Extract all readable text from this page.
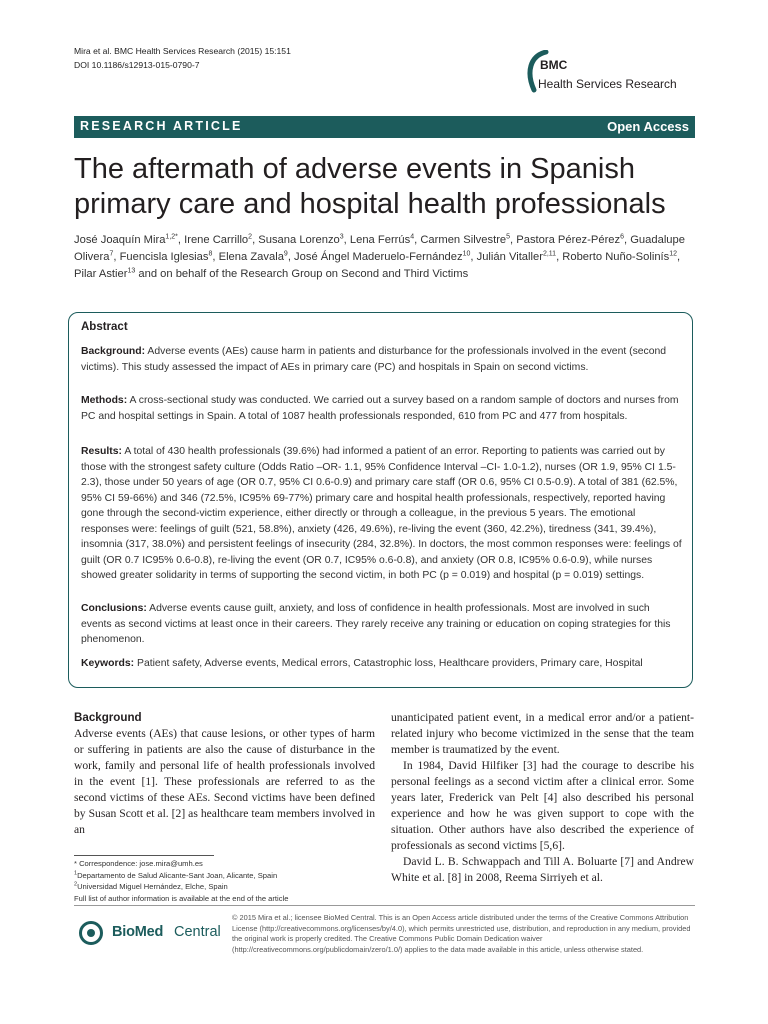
Mira et al. BMC Health Services Research (2015) 15:151
DOI 10.1186/s12913-015-0790-7	BMC
Health Services Research
RESEARCH ARTICLE	Open Access
The aftermath of adverse events in Spanish primary care and hospital health professionals
José Joaquín Mira$^{1,2*}$, Irene Carrillo$^2$, Susana Lorenzo$^3$, Lena Ferrús$^4$, Carmen Silvestre$^5$, Pastora Pérez-Pérez$^6$, Guadalupe Olivera$^7$, Fuencisla Iglesias$^8$, Elena Zavala$^9$, José Ángel Maderuelo-Fernández$^{10}$, Julián Vitaller$^{2,11}$, Roberto Nuño-Solinís$^{12}$, Pilar Astier$^{13}$ and on behalf of the Research Group on Second and Third Victims
Abstract
Background: Adverse events (AEs) cause harm in patients and disturbance for the professionals involved in the event (second victims). This study assessed the impact of AEs in primary care (PC) and hospitals in Spain on second victims.
Methods: A cross-sectional study was conducted. We carried out a survey based on a random sample of doctors and nurses from PC and hospital settings in Spain. A total of 1087 health professionals responded, 610 from PC and 477 from hospitals.
Results: A total of 430 health professionals (39.6%) had informed a patient of an error. Reporting to patients was carried out by those with the strongest safety culture (Odds Ratio –OR- 1.1, 95% Confidence Interval –CI- 1.0-1.2), nurses (OR 1.9, 95% CI 1.5-2.3), those under 50 years of age (OR 0.7, 95% CI 0.6-0.9) and primary care staff (OR 0.6, 95% CI 0.5-0.9). A total of 381 (62.5%, 95% CI 59-66%) and 346 (72.5%, IC95% 69-77%) primary care and hospital health professionals, respectively, reported having gone through the second-victim experience, either directly or through a colleague, in the previous 5 years. The emotional responses were: feelings of guilt (521, 58.8%), anxiety (426, 49.6%), re-living the event (360, 42.2%), tiredness (341, 39.4%), insomnia (317, 38.0%) and persistent feelings of insecurity (284, 32.8%). In doctors, the most common responses were: feelings of guilt (OR 0.7 IC95% 0.6-0.8), re-living the event (OR 0.7, IC95% o.6-0.8), and anxiety (OR 0.8, IC95% 0.6-0.9), while nurses showed greater solidarity in terms of supporting the second victim, in both PC (p = 0.019) and hospital (p = 0.019) settings.
Conclusions: Adverse events cause guilt, anxiety, and loss of confidence in health professionals. Most are involved in such events as second victims at least once in their careers. They rarely receive any training or education on coping strategies for this phenomenon.
Keywords: Patient safety, Adverse events, Medical errors, Catastrophic loss, Healthcare providers, Primary care, Hospital
Background
Adverse events (AEs) that cause lesions, or other types of harm or suffering in patients are also the cause of disturbance in the work, family and personal life of health professionals involved in the event [1]. These professionals are referred to as the second victims of these AEs. Second victims have been defined by Susan Scott et al. [2] as healthcare team members involved in an

unanticipated patient event, in a medical error and/or a patient-related injury who become victimized in the sense that the team member is traumatized by the event.

In 1984, David Hilfiker [3] had the courage to describe his personal feelings as a second victim after a clinical error. Some years later, Frederick van Pelt [4] also described his personal experience and how he was given support to cope with the situation. Other authors have also described the experience of professionals as second victims [5,6].

David L. B. Schwappach and Till A. Boluarte [7] and Andrew White et al. [8] in 2008, Reema Sirriyeh et al.

* Correspondence: jose.mira@umh.es
$^1$Departamento de Salud Alicante-Sant Joan, Alicante, Spain
$^2$Universidad Miguel Hernández, Elche, Spain
Full list of author information is available at the end of the article
BioMed Central
© 2015 Mira et al.; licensee BioMed Central. This is an Open Access article distributed under the terms of the Creative Commons Attribution License (http://creativecommons.org/licenses/by/4.0), which permits unrestricted use, distribution, and reproduction in any medium, provided the original work is properly credited. The Creative Commons Public Domain Dedication waiver (http://creativecommons.org/publicdomain/zero/1.0/) applies to the data made available in this article, unless otherwise stated.
